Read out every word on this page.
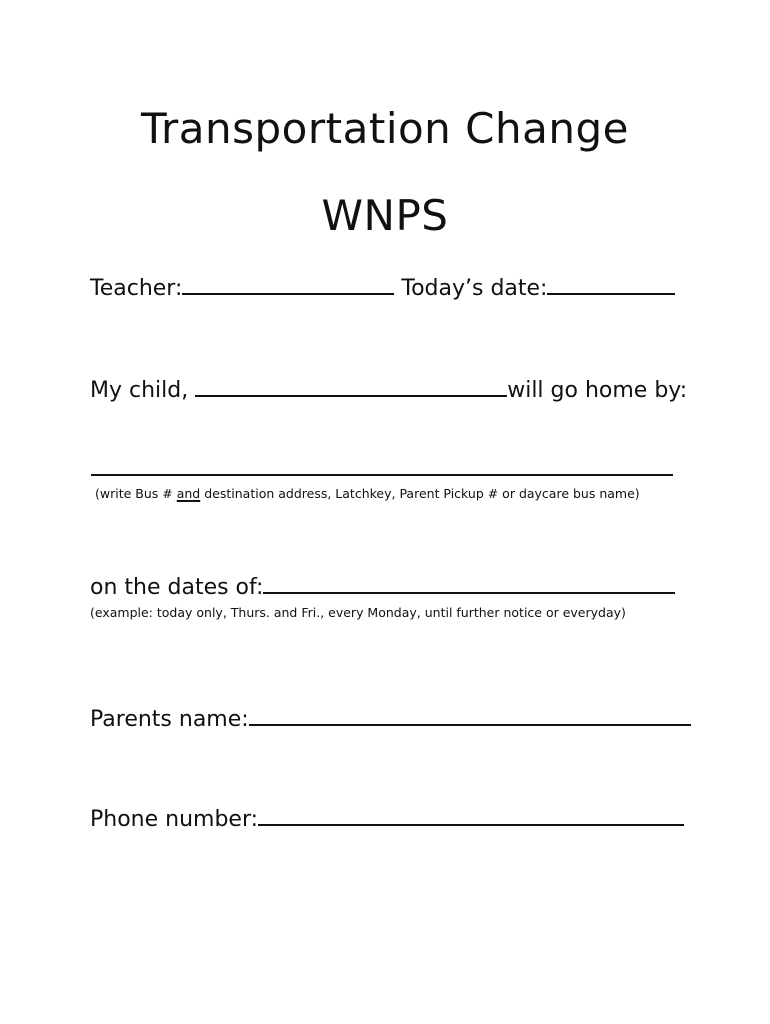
Transportation Change
WNPS
Teacher:	Today’s date:
My child,	will go home by:
(write Bus # and destination address, Latchkey, Parent Pickup # or daycare bus name)
on the dates of:
(example: today only, Thurs. and Fri., every Monday, until further notice or everyday)
Parents name:
Phone number:
